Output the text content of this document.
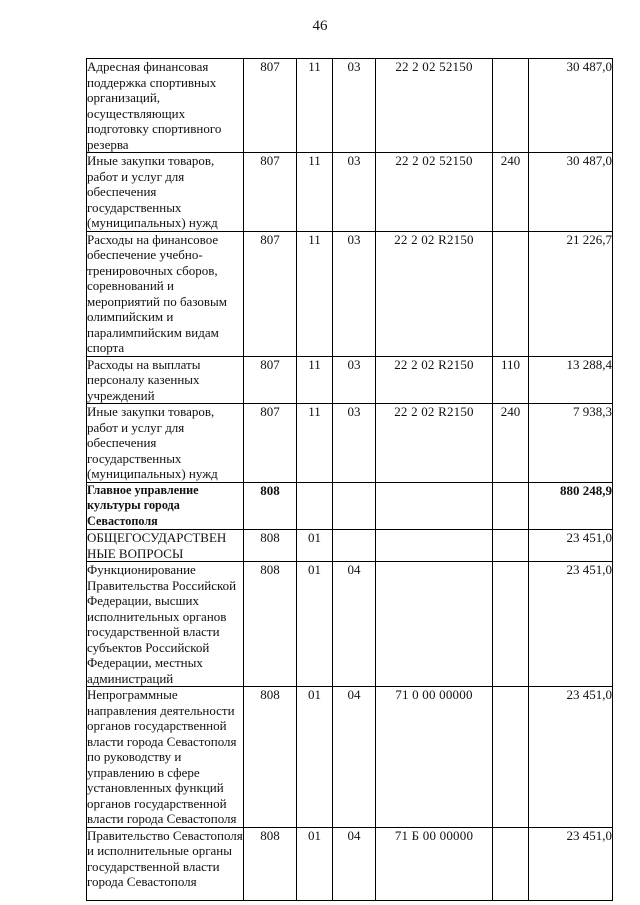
46
Адресная финансовая поддержка спортивных организаций, осуществляющих подготовку спортивного резерва	807	11	03	22 2 02 52150		30 487,0
Иные закупки товаров, работ и услуг для обеспечения государственных (муниципальных) нужд	807	11	03	22 2 02 52150	240	30 487,0
Расходы на финансовое обеспечение учебно-тренировочных сборов, соревнований и мероприятий по базовым олимпийским и паралимпийским видам спорта	807	11	03	22 2 02 R2150		21 226,7
Расходы на выплаты персоналу казенных учреждений	807	11	03	22 2 02 R2150	110	13 288,4
Иные закупки товаров, работ и услуг для обеспечения государственных (муниципальных) нужд	807	11	03	22 2 02 R2150	240	7 938,3
Главное управление культуры города Севастополя	808					880 248,9
ОБЩЕГОСУДАРСТВЕН НЫЕ ВОПРОСЫ	808	01				23 451,0
Функционирование Правительства Российской Федерации, высших исполнительных органов государственной власти субъектов Российской Федерации, местных администраций	808	01	04			23 451,0
Непрограммные направления деятельности органов государственной власти города Севастополя по руководству и управлению в сфере установленных функций органов государственной власти города Севастополя	808	01	04	71 0 00 00000		23 451,0
Правительство Севастополя и исполнительные органы государственной власти города Севастополя	808	01	04	71 Б 00 00000		23 451,0
